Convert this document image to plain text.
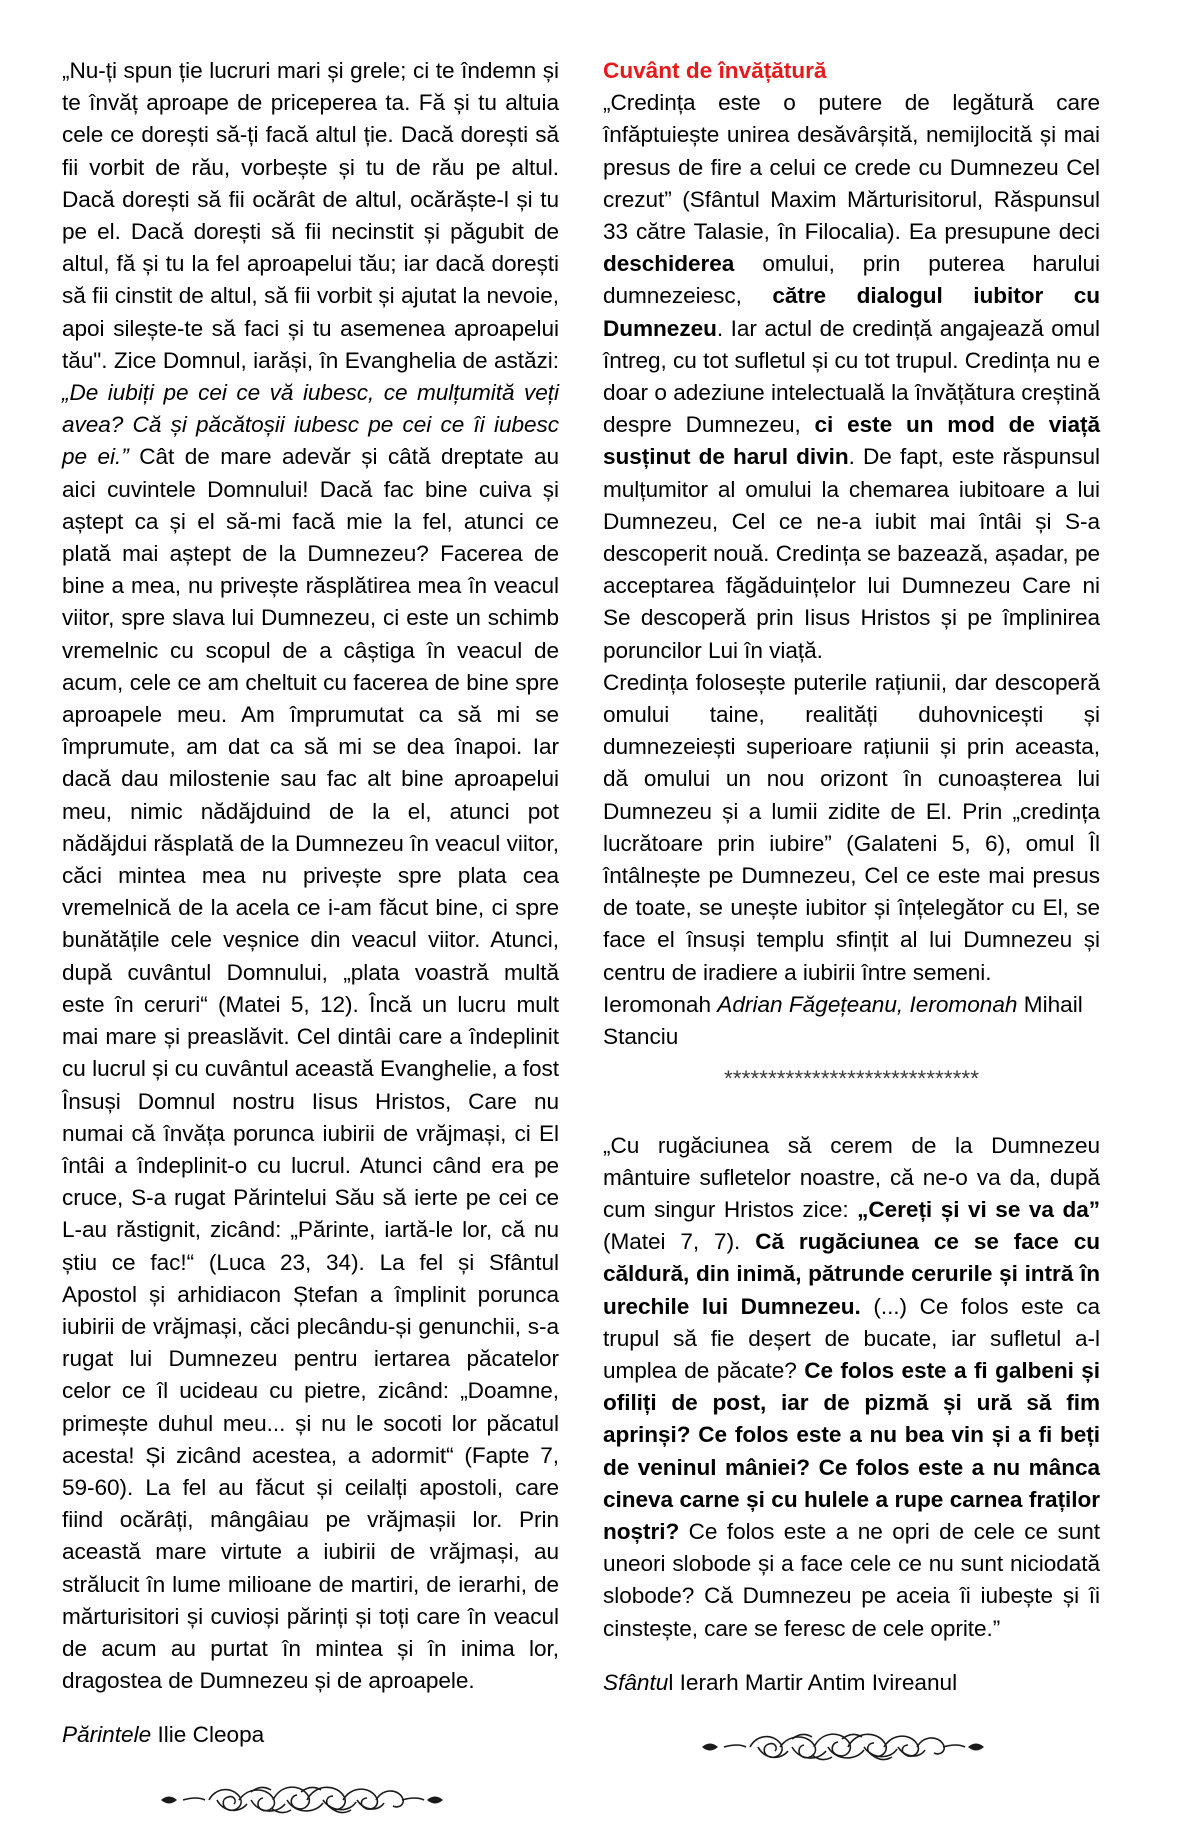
„Nu-ți spun ție lucruri mari și grele; ci te îndemn și te învăț aproape de priceperea ta. Fă și tu altuia cele ce dorești să-ți facă altul ție. Dacă dorești să fii vorbit de rău, vorbește și tu de rău pe altul. Dacă dorești să fii ocărât de altul, ocărăște-l și tu pe el. Dacă dorești să fii necinstit și păgubit de altul, fă și tu la fel aproapelui tău; iar dacă dorești să fii cinstit de altul, să fii vorbit și ajutat la nevoie, apoi silește-te să faci și tu asemenea aproapelui tău". Zice Domnul, iarăși, în Evanghelia de astăzi: „De iubiți pe cei ce vă iubesc, ce mulțumită veți avea? Că și păcătoșii iubesc pe cei ce îi iubesc pe ei.” Cât de mare adevăr și câtă dreptate au aici cuvintele Domnului! Dacă fac bine cuiva și aștept ca și el să-mi facă mie la fel, atunci ce plată mai aștept de la Dumnezeu? Facerea de bine a mea, nu privește răsplătirea mea în veacul viitor, spre slava lui Dumnezeu, ci este un schimb vremelnic cu scopul de a câștiga în veacul de acum, cele ce am cheltuit cu facerea de bine spre aproapele meu. Am împrumutat ca să mi se împrumute, am dat ca să mi se dea înapoi. Iar dacă dau milostenie sau fac alt bine aproapelui meu, nimic nădăjduind de la el, atunci pot nădăjdui răsplată de la Dumnezeu în veacul viitor, căci mintea mea nu privește spre plata cea vremelnică de la acela ce i-am făcut bine, ci spre bunătățile cele veșnice din veacul viitor. Atunci, după cuvântul Domnului, „plata voastră multă este în ceruri“ (Matei 5, 12). Încă un lucru mult mai mare și preaslăvit. Cel dintâi care a îndeplinit cu lucrul și cu cuvântul această Evanghelie, a fost Însuși Domnul nostru Iisus Hristos, Care nu numai că învăța porunca iubirii de vrăjmași, ci El întâi a îndeplinit-o cu lucrul. Atunci când era pe cruce, S-a rugat Părintelui Său să ierte pe cei ce L-au răstignit, zicând: „Părinte, iartă-le lor, că nu știu ce fac!“ (Luca 23, 34). La fel și Sfântul Apostol și arhidiacon Ștefan a împlinit porunca iubirii de vrăjmași, căci plecându-și genunchii, s-a rugat lui Dumnezeu pentru iertarea păcatelor celor ce îl ucideau cu pietre, zicând: „Doamne, primește duhul meu... și nu le socoti lor păcatul acesta! Și zicând acestea, a adormit“ (Fapte 7, 59-60). La fel au făcut și ceilalți apostoli, care fiind ocărâți, mângâiau pe vrăjmașii lor. Prin această mare virtute a iubirii de vrăjmași, au strălucit în lume milioane de martiri, de ierarhi, de mărturisitori și cuvioși părinți și toți care în veacul de acum au purtat în mintea și în inima lor, dragostea de Dumnezeu și de aproapele.

Părintele Ilie Cleopa

Cuvânt de învățătură

„Credința este o putere de legătură care înfăptuiește unirea desăvârșită, nemijlocită și mai presus de fire a celui ce crede cu Dumnezeu Cel crezut” (Sfântul Maxim Mărturisitorul, Răspunsul 33 către Talasie, în Filocalia). Ea presupune deci deschiderea omului, prin puterea harului dumnezeiesc, către dialogul iubitor cu Dumnezeu. Iar actul de credință angajează omul întreg, cu tot sufletul și cu tot trupul. Credința nu e doar o adeziune intelectuală la învățătura creștină despre Dumnezeu, ci este un mod de viață susținut de harul divin. De fapt, este răspunsul mulțumitor al omului la chemarea iubitoare a lui Dumnezeu, Cel ce ne-a iubit mai întâi și S-a descoperit nouă. Credința se bazează, așadar, pe acceptarea făgăduințelor lui Dumnezeu Care ni Se descoperă prin Iisus Hristos și pe împlinirea poruncilor Lui în viață.

Credința folosește puterile rațiunii, dar descoperă omului taine, realități duhovnicești și dumnezeiești superioare rațiunii și prin aceasta, dă omului un nou orizont în cunoașterea lui Dumnezeu și a lumii zidite de El. Prin „credința lucrătoare prin iubire” (Galateni 5, 6), omul Îl întâlnește pe Dumnezeu, Cel ce este mai presus de toate, se unește iubitor și înțelegător cu El, se face el însuși templu sfințit al lui Dumnezeu și centru de iradiere a iubirii între semeni.

Ieromonah Adrian Făgețeanu, Ieromonah Mihail Stanciu

*****************************

„Cu rugăciunea să cerem de la Dumnezeu mântuire sufletelor noastre, că ne-o va da, după cum singur Hristos zice: „Cereți și vi se va da” (Matei 7, 7). Că rugăciunea ce se face cu căldură, din inimă, pătrunde cerurile și intră în urechile lui Dumnezeu. (...) Ce folos este ca trupul să fie deșert de bucate, iar sufletul a-l umplea de păcate? Ce folos este a fi galbeni și ofiliți de post, iar de pizmă și ură să fim aprinși? Ce folos este a nu bea vin și a fi beți de veninul mâniei? Ce folos este a nu mânca cineva carne și cu hulele a rupe carnea fraților noștri? Ce folos este a ne opri de cele ce sunt uneori slobode și a face cele ce nu sunt niciodată slobode? Că Dumnezeu pe aceia îi iubește și îi cinstește, care se feresc de cele oprite.”

Sfântul Ierarh Martir Antim Ivireanul
